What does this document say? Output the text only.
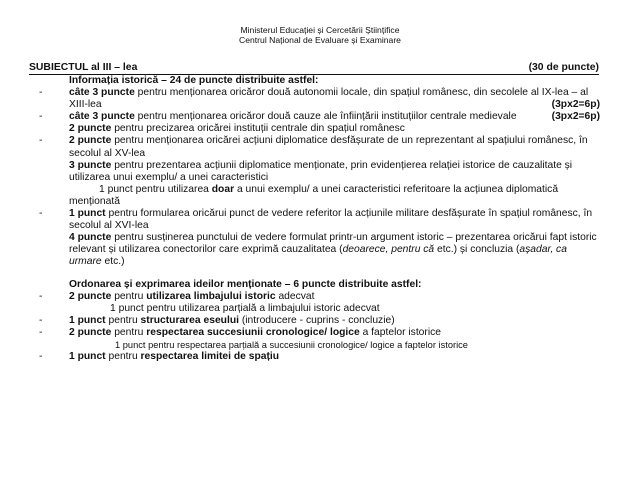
Ministerul Educației și Cercetării Științifice
Centrul Național de Evaluare și Examinare
SUBIECTUL al III – lea	(30 de puncte)
Informația istorică – 24 de puncte distribuite astfel:
-	câte 3 puncte pentru menționarea oricăror două autonomii locale, din spațiul românesc, din secolele al IX-lea – al XIII-lea	(3px2=6p)
-	câte 3 puncte pentru menționarea oricăror două cauze ale înființării instituțiilor centrale medievale	(3px2=6p)
2 puncte pentru precizarea oricărei instituții centrale din spațiul românesc
-	2 puncte pentru menționarea oricărei acțiuni diplomatice desfășurate de un reprezentant al spațiului românesc, în secolul al XV-lea
3 puncte pentru prezentarea acțiunii diplomatice menționate, prin evidențierea relației istorice de cauzalitate și utilizarea unui exemplu/ a unei caracteristici
1 punct pentru utilizarea doar a unui exemplu/ a unei caracteristici referitoare la acțiunea diplomatică menționată
-	1 punct pentru formularea oricărui punct de vedere referitor la acțiunile militare desfășurate în spațiul românesc, în secolul al XVI-lea
4 puncte pentru susținerea punctului de vedere formulat printr-un argument istoric – prezentarea oricărui fapt istoric relevant și utilizarea conectorilor care exprimă cauzalitatea (deoarece, pentru că etc.) și concluzia (așadar, ca urmare etc.)
Ordonarea și exprimarea ideilor menționate – 6 puncte distribuite astfel:
-	2 puncte pentru utilizarea limbajului istoric adecvat
1 punct pentru utilizarea parțială a limbajului istoric adecvat
-	1 punct pentru structurarea eseului (introducere - cuprins - concluzie)
-	2 puncte pentru respectarea succesiunii cronologice/ logice a faptelor istorice
1 punct pentru respectarea parțială a succesiunii cronologice/ logice a faptelor istorice
-	1 punct pentru respectarea limitei de spațiu
